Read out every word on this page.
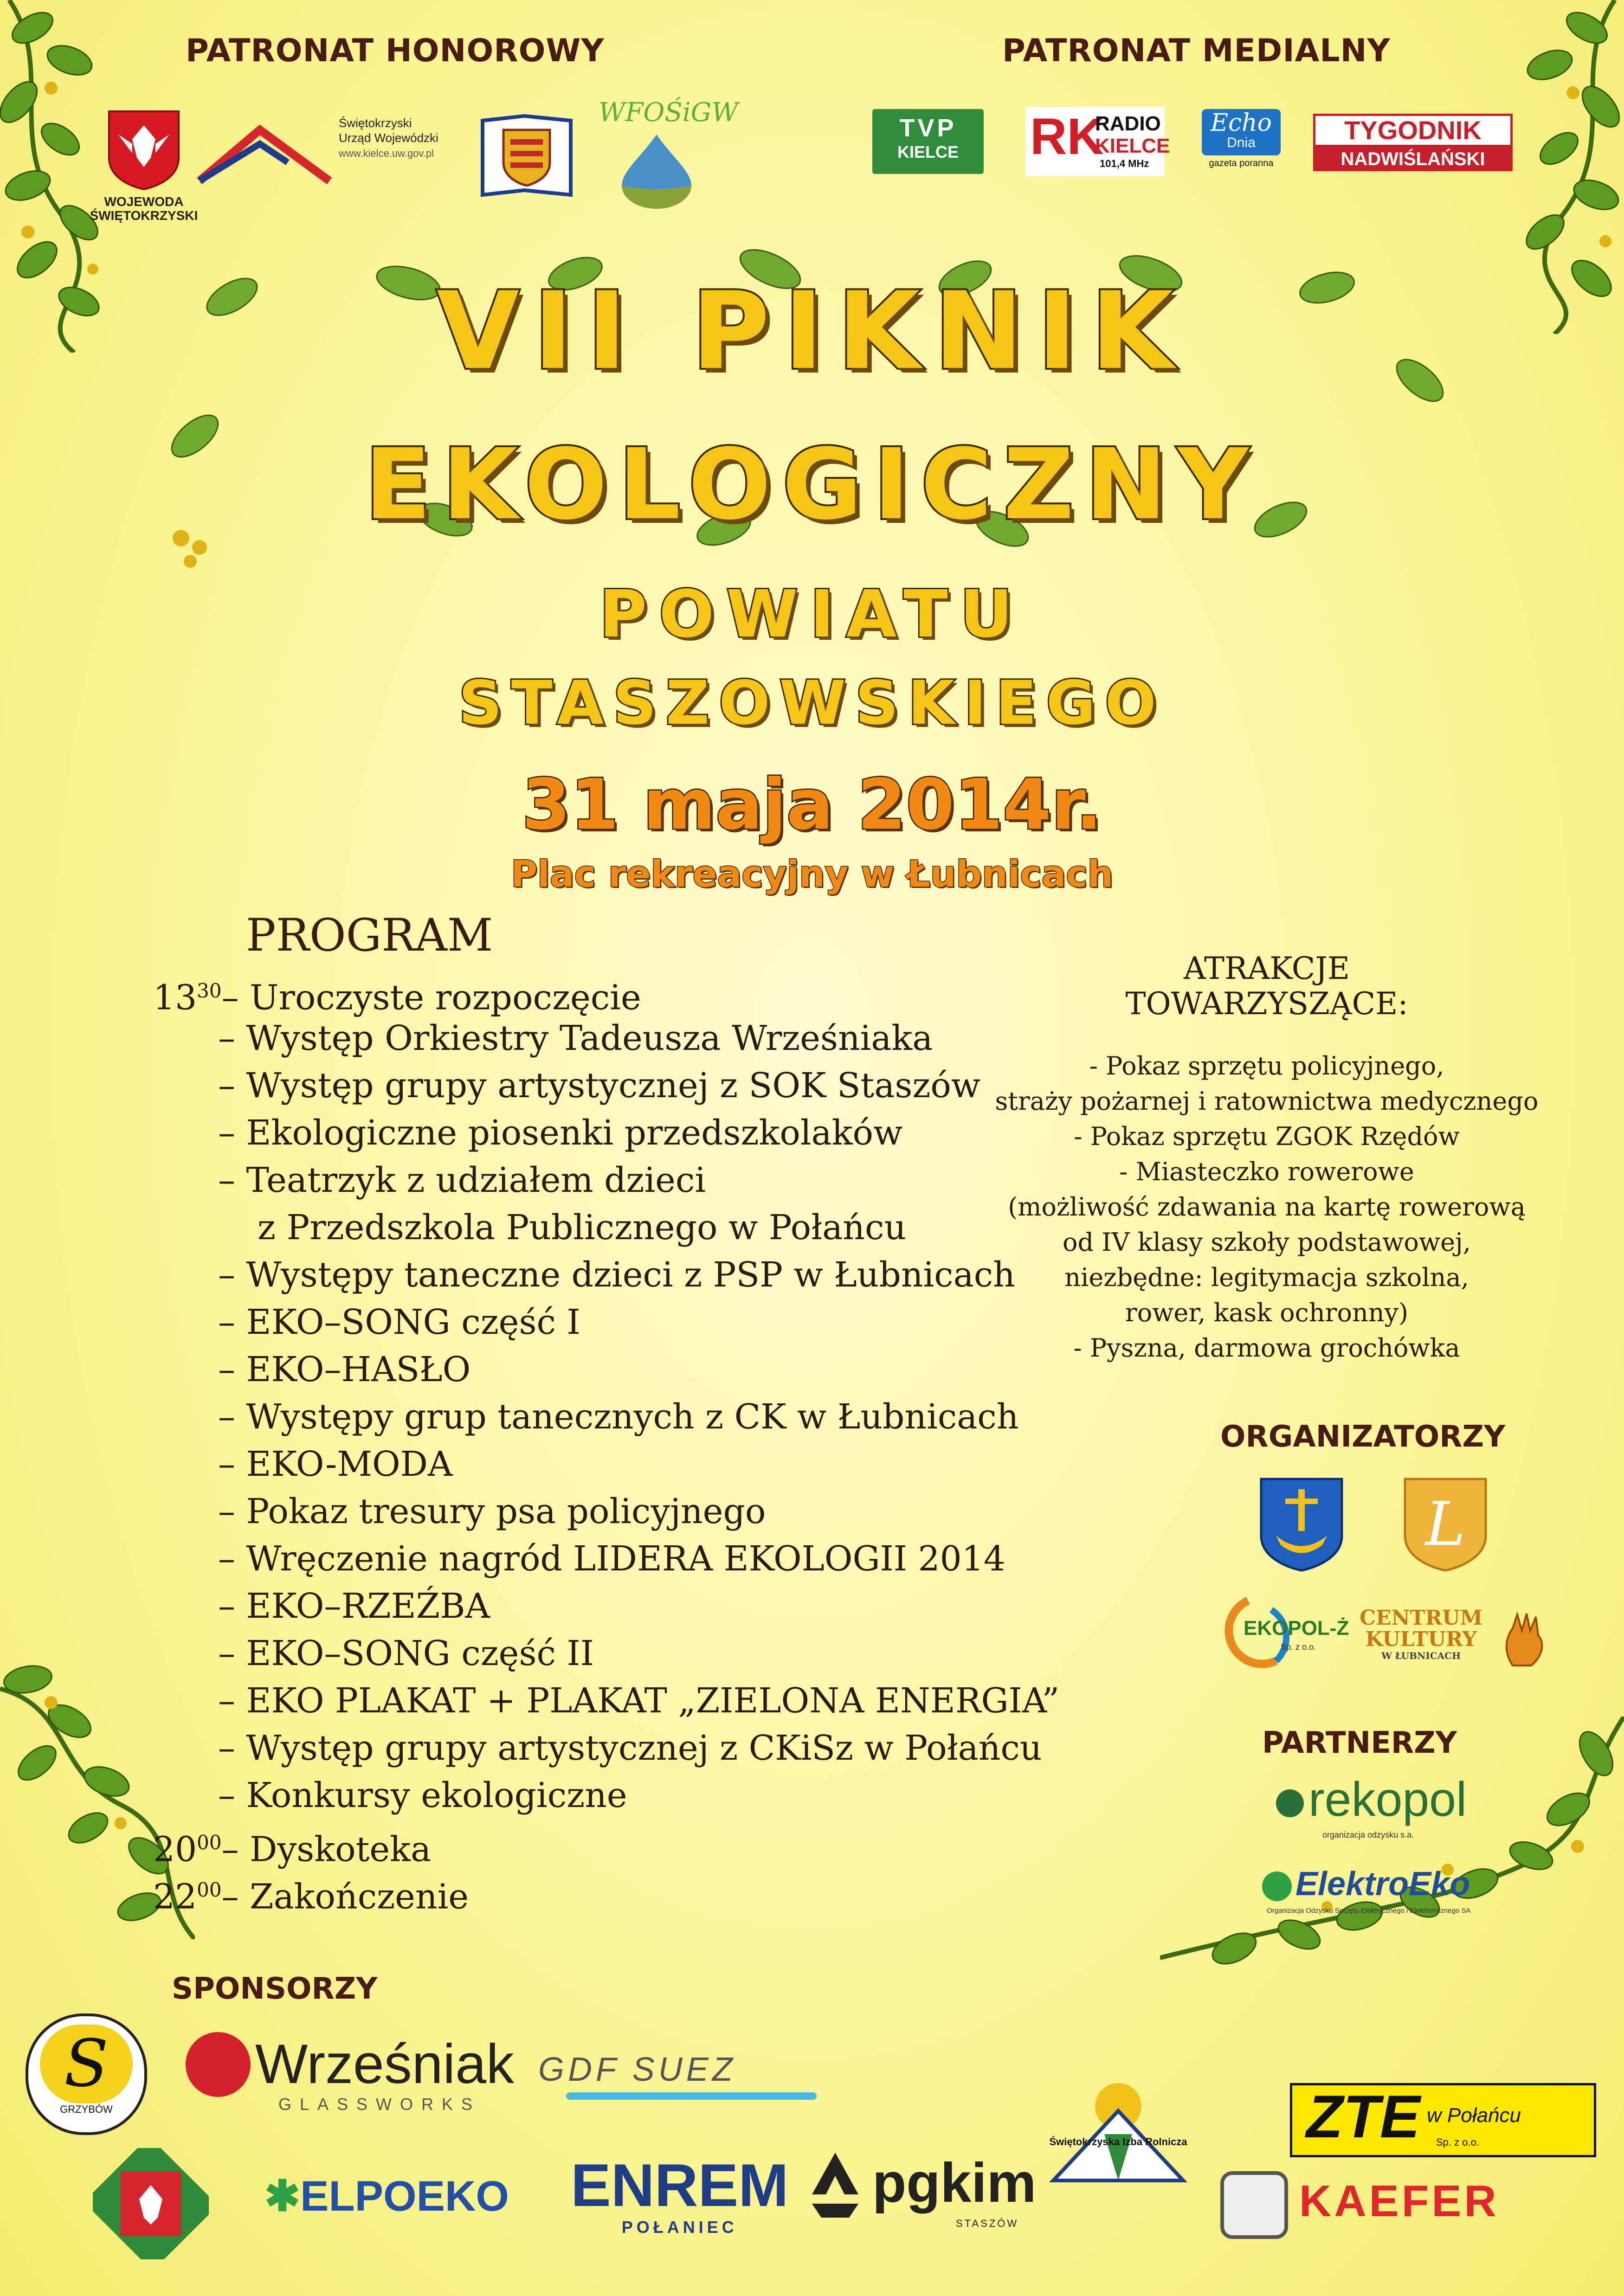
PATRONAT HONOROWY	PATRONAT MEDIALNY
WOJEWODA ŚWIĘTOKRZYSKI
Świętokrzyski
Urząd Wojewódzki
www.kielce.uw.gov.pl
WFOŚiGW
TVP
KIELCE	RK
RADIO
KIELCE
101,4 MHz
Echo
Dnia
gazeta poranna
TYGODNIK
NADWIŚLAŃSKI
VII PIKNIK
EKOLOGICZNY
POWIATU
STASZOWSKIEGO
31 maja 2014r.
Plac rekreacyjny w Łubnicach
PROGRAM
$13^{30}-$ Uroczyste rozpoczęcie
– Występ Orkiestry Tadeusza Wrześniaka
– Występ grupy artystycznej z SOK Staszów
– Ekologiczne piosenki przedszkolaków
– Teatrzyk z udziałem dzieci
z Przedszkola Publicznego w Połańcu
– Występy taneczne dzieci z PSP w Łubnicach
– EKO–SONG część I
– EKO–HASŁO
– Występy grup tanecznych z CK w Łubnicach
– EKO-MODA
– Pokaz tresury psa policyjnego
– Wręczenie nagród LIDERA EKOLOGII 2014
– EKO–RZEŹBA
– EKO–SONG część II
– EKO PLAKAT + PLAKAT „ZIELONA ENERGIA”
– Występ grupy artystycznej z CKiSz w Połańcu
– Konkursy ekologiczne
$20^{00}-$ Dyskoteka
$22^{00}-$ Zakończenie
ATRAKCJE
TOWARZYSZĄCE:
- Pokaz sprzętu policyjnego,
straży pożarnej i ratownictwa medycznego
- Pokaz sprzętu ZGOK Rzędów
- Miasteczko rowerowe
(możliwość zdawania na kartę rowerową
od IV klasy szkoły podstawowej,
niezbędne: legitymacja szkolna,
rower, kask ochronny)
- Pyszna, darmowa grochówka
ORGANIZATORZY
L
EKOPOL-Ż
Sp. z o.o.
CENTRUM
KULTURY
W ŁUBNICACH
PARTNERZY
rekopol
organizacja odzysku s.a.
ElektroEko
Organizacja Odzysku Sprzętu Elektrycznego i Elektronicznego SA
SPONSORZY
S
GRZYBÓW
Wrześniak
GLASSWORKS
GDF SUEZ
ZTE w Połańcu
Sp. z o.o.
✱ELPOEKO ENREM
POŁANIEC
pgkim
STASZÓW
Świętokrzyska Izba Rolnicza
KAEFER
